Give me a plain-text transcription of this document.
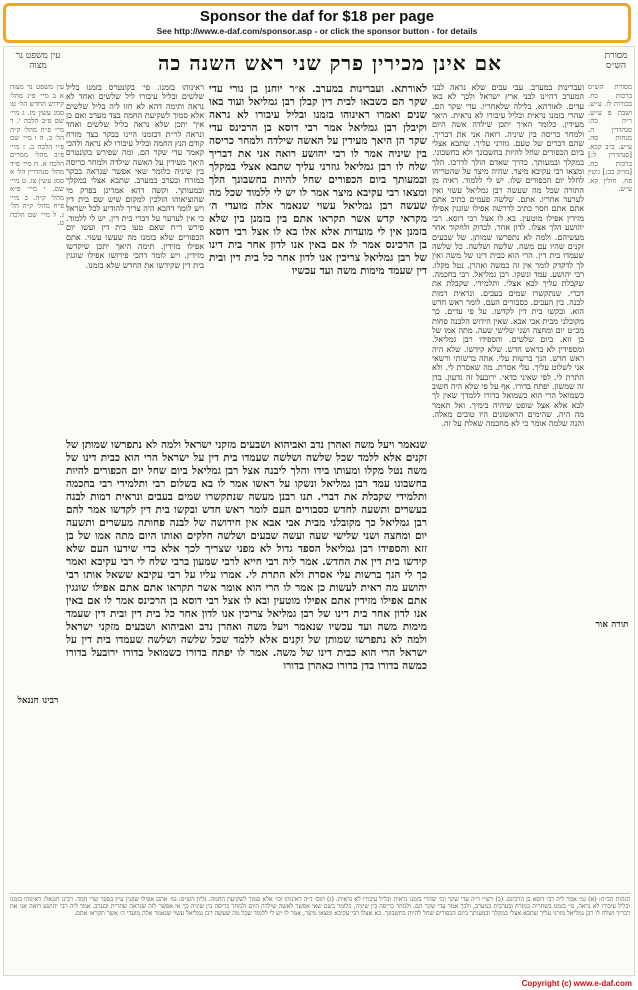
Sponsor the daf for $18 per page
See http://www.e-daf.com/sponsor.asp - or click the sponsor button - for details
עין משפט נר מצוה	אם אינן מכירין פרק שני ראש השנה כה	מסורת הש״ס

מסורת הש״ס ברכות כח. בכורות לו. ע״ש. ושבת פ ע״ש. ר״ה כה: סנהדרין ה. מנחות סה. ע״ש. ב״ב קכא. [סנהדרין ל:] ברכות כח. [מו״ק כב:] גיטין פח. חולין קא. ע״ש.

ועברינות במערב. עבי עבים שלא נראה לבני המערב דהיינו לבני ארץ ישראל ולכך לא באו עדים. לאורתא. בלילה שלאחריו. עדי שקר הם. שהרי בזמנו נראית ובליל עיבורו לא נראית. היאך מעידין. כלומר האיך יתכן שילדה אשה היום ולמחר כריסה בין שיניה. רואה אני את דבריך. שהם דברים של טעם. גוזרני עליך. שתבא אצלי ביום הכפורים שחל להיות בחשבונך ולא בחשבוני. במקלך ובמעותך. כדרך שאדם הולך לדרכו. הלך ומצאו רבי עקיבא מיצר. שהיה מיצר על שהטריחו לחלל יום הכפורים שלו. יש לי ללמוד. ראיה מן התורה שכל מה שעשה רבן גמליאל עשוי ואין לערער אחריו. אתם. שלשה פעמים כתיב אתם אתם אתם חסר כתיב לדרשה אפילו שוגגין אפילו מזידין אפילו מוטעין. בא לו אצל רבי דוסא. רבי יהושע הלך אצלו. לדון אחר. לבדוק ולחקור אחר מעשיהם. ולמה לא נתפרשו שמותן. של שבעים זקנים שהיו עם משה. שלשה ושלשה. כל שלשה שעמדו בית דין. הרי הוא כבית דינו של משה ואין לך לדקדק לומר אין זה כמשה ואהרן. נטל מקלו. רבי יהושע. עמד ונשקו. רבן גמליאל. רבי בחכמה. שקבלת עליך לבא אצלי. ותלמידי. שקבלת את דברי. שנתקשרו שמים בעבים. ונראית דמות לבנה. בין העבים. כסבורים העם. לומר ראש חדש הוא. ובקשו בית דין לקדשו. על פי עדים. כך מקובלני מבית אבי אבא. שאין חידוש הלבנה פחות מכ״ט יום ומחצה ושני שלישי שעה. מתה אמו של בן זזא. ביום שלשים. והספידו רבן גמליאל. ומספידין לא בראש חדש. שלא קידשו. שלא היה ראש חדש. הנך ברשות עלי. אתה ברשותי ורשאי אני לשלוט עליך. עלי אסרת. מה שאסרת לי. ולא התרת לי. לפי שאיני כדאי. ירובעל זה גדעון. בדן זה שמשון. יפתח בדורו. אף על פי שלא היה חשוב כשמואל הרי הוא כשמואל בדורו ללמדך שאין לך לבא אלא אצל שופט שיהיה בימיך. ואל תאמר מה היה. שהימים הראשונים היו טובים מאלה. והנה שלמה אומר כי לא מחכמה שאלת על זה.

לאורתא. ועברינות במערב. א״ר יוחנן בן נורי עדי שקר הם כשבאו לבית דין קבלן רבן גמליאל ועוד באו שנים ואמרו ראינוהו בזמנו ובליל עיבורו לא נראה וקיבלן רבן גמליאל אמר רבי דוסא בן הרכינס עדי שקר הן היאך מעידין על האשה שילדה ולמחר כריסה בין שיניה אמר לו רבי יהושע רואה אני את דבריך שלח לו רבן גמליאל גוזרני עליך שתבא אצלי במקלך ובמעותך ביום הכפורים שחל להיות בחשבונך הלך ומצאו רבי עקיבא מיצר אמר לו יש לי ללמוד שכל מה שעשה רבן גמליאל עשוי שנאמר אלה מועדי ה׳ מקראי קדש אשר תקראו אתם בין בזמנן בין שלא בזמנן אין לי מועדות אלא אלו בא לו אצל רבי דוסא בן הרכינס אמר לו אם באין אנו לדון אחר בית דינו של רבן גמליאל צריכין אנו לדון אחר כל בית דין ובית דין שעמד מימות משה ועד עכשיו

ראינוהו בזמנו. פי׳ בקונטרס בזמנו בליל שלשים ובליל עיבורו ליל שלשים ואחד לא נראה ותימה דהא לא חזו ליה בליל שלשים אלא סמוך לשקיעת החמה בצד מערב ואם כן איך יתכן שלא נראה בליל שלשים ואחד ונראה לר״ת דבזמנו היינו בבקר בצד מזרח קודם הנץ החמה ובליל עיבורו לא נראה ולהכי קאמר עדי שקר הם. ומה שפירש בקונטרס היאך מעידין על האשה שילדה ולמחר כריסה בין שיניה כלומר שאי אפשר שנראה בבקר במזרח ובערב במערב. שתבא אצלי במקלך ובמעותך. וקשה דהא אמרינן בפרק מי שהוציאוהו הולכין למקום שיש שם בית דין ויש לומר דהכא היה צריך להודיע לכל ישראל כי אין לערער על דברי בית דין. יש לי ללמוד. פירש ר״ח שאם טעו בית דין ועשו יום הכפורים שלא בזמנו מה שעשו עשוי. אתם אפילו מזידין. תימה היאך יתכן שיקדשו מזידין. ויש לומר דהכי פירושו אפילו שוגגין בית דין שקידשו את החדש שלא בזמנו.

שנאמר ויעל משה ואהרן נדב ואביהוא ושבעים מזקני ישראל ולמה לא נתפרשו שמותן של זקנים אלא ללמד שכל שלשה ושלשה שעמדו בית דין על ישראל הרי הוא כבית דינו של משה נטל מקלו ומעותו בידו והלך ליבנה אצל רבן גמליאל ביום שחל יום הכפורים להיות בחשבונו עמד רבן גמליאל ונשקו על ראשו אמר לו בא בשלום רבי ותלמידי רבי בחכמה ותלמידי שקבלת את דברי. תנו רבנן מעשה שנתקשרו שמים בעבים ונראית דמות לבנה בעשרים ותשעה לחדש כסבורים העם לומר ראש חדש ובקשו בית דין לקדשו אמר להם רבן גמליאל כך מקובלני מבית אבי אבא אין חידושה של לבנה פחותה מעשרים ותשעה יום ומחצה ושני שלישי שעה ועשה שבעים ושלשה חלקים ואותו היום מתה אמו של בן זזא והספידו רבן גמליאל הספד גדול לא מפני שצריך לכך אלא כדי שידעו העם שלא קידשו בית דין את החדש. אמר ליה רבי חייא לרבי שמעון ברבי שלח לי רבי עקיבא ואמר כך לי הנך ברשות עלי אסרת ולא התרת לי. אמרו עליו על רבי עקיבא ששאל אותו רבי יהושע מה ראית לעשות כן אמר לו הרי הוא אומר אשר תקראו אתם אתם אפילו שוגגין אתם אפילו מזידין אתם אפילו מוטעין ובא לו אצל רבי דוסא בן הרכינס אמר לו אם באין אנו לדון אחר בית דינו של רבן גמליאל צריכין אנו לדון אחר כל בית דין ובית דין שעמד מימות משה ועד עכשיו שנאמר ויעל משה ואהרן נדב ואביהוא ושבעים מזקני ישראל ולמה לא נתפרשו שמותן של זקנים אלא ללמד שכל שלשה ושלשה שעמדו בית דין על ישראל הרי הוא כבית דינו של משה. אמר לו יפתח בדורו כשמואל בדורו ירובעל בדורו כמשה בדורו בדן בדורו כאהרן בדורו

עין משפט נר מצוה א ב מיי׳ פ״ג מהל׳ קידוש החדש הל׳ טו סמג עשין מז. ג מיי׳ שם פ״ב הלכה י. ד מיי׳ פ״ה מהל׳ ק״ה הל׳ ב. ה ו מיי׳ שם פ״ו הלכה ב. ז מיי׳ פ״ב מהל׳ ממרים הלכה א. ח מיי׳ פ״ד מהל׳ סנהדרין הל׳ א סמג עשין צז. ט מיי׳ שם. י מיי׳ פ״א מהל׳ ק״ה. כ מיי׳ פ״ח מהל׳ ק״ה הל׳ ג. ל מיי׳ שם הלכה ט.

רבינו חננאל
תורה אור

הגהות הב״ח: (א) גמ׳ אמר ליה רבי דוסא בן הרכינס. (ב) רש״י ד״ה עדי שקר וכו׳ שהרי בזמנו נראית ובליל עיבורו לא נראית. (ג) תוס׳ ד״ה ראינוהו וכו׳ אלא סמוך לשקיעת החמה. גליון הש״ס: גמ׳ אתם אפילו שוגגין עיין בספר שדי חמד. רבינו חננאל: ראינוהו בזמנו ובליל עיבורו לא נראה, פי׳ בזמנו בשחרית במזרח ובערבית במערב, ולכך אמר עדי שקר הם. ולמחר כריסה בין שיניה, כלומר כשם שאי אפשר לאשה שילדה היום ולמחר כריסה בין שיניה כך אי אפשר לזה שנראה שחרית ובערב. אמר ליה רבי יהושע רואה אני את דבריך ושלח לו רבן גמליאל גוזרני עליך שתבא אצלי במקלך ובמעותך ביום הכפורים שחל להיות בחשבונך. בא אצלו רבי עקיבא ומצאו מיצר, אמר לו יש לי ללמוד שכל מה שעשה רבן גמליאל עשוי שנאמר אלה מועדי ה׳ אשר תקראו אתם.

Copyright (c) www.e-daf.com
